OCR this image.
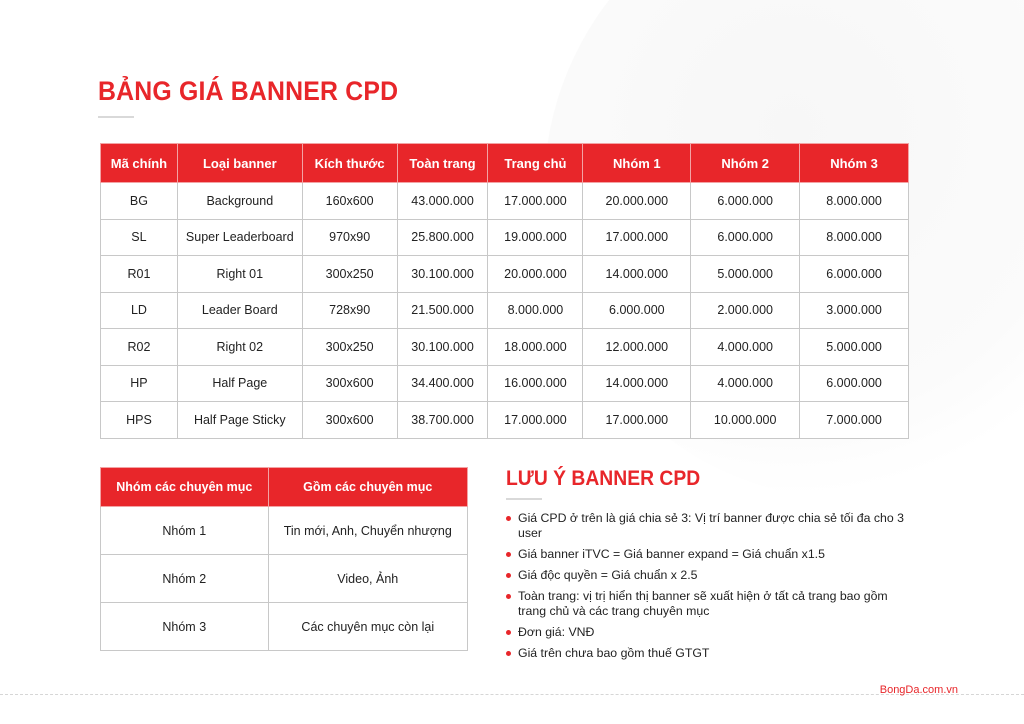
BẢNG GIÁ BANNER CPD
Mã chính	Loại banner	Kích thước	Toàn trang	Trang chủ	Nhóm 1	Nhóm 2	Nhóm 3
BG	Background	160x600	43.000.000	17.000.000	20.000.000	6.000.000	8.000.000
SL	Super Leaderboard	970x90	25.800.000	19.000.000	17.000.000	6.000.000	8.000.000
R01	Right 01	300x250	30.100.000	20.000.000	14.000.000	5.000.000	6.000.000
LD	Leader Board	728x90	21.500.000	8.000.000	6.000.000	2.000.000	3.000.000
R02	Right 02	300x250	30.100.000	18.000.000	12.000.000	4.000.000	5.000.000
HP	Half Page	300x600	34.400.000	16.000.000	14.000.000	4.000.000	6.000.000
HPS	Half Page Sticky	300x600	38.700.000	17.000.000	17.000.000	10.000.000	7.000.000
Nhóm các chuyên mục	Gồm các chuyên mục
Nhóm 1	Tin mới, Anh, Chuyển nhượng
Nhóm 2	Video, Ảnh
Nhóm 3	Các chuyên mục còn lại
LƯU Ý BANNER CPD
Giá CPD ở trên là giá chia sẻ 3: Vị trí banner được chia sẻ tối đa cho 3 user
Giá banner iTVC = Giá banner expand = Giá chuẩn x1.5
Giá độc quyền = Giá chuẩn x 2.5
Toàn trang: vị trị hiển thị banner sẽ xuất hiện ở tất cả trang bao gồm trang chủ và các trang chuyên mục
Đơn giá: VNĐ
Giá trên chưa bao gồm thuế GTGT
BongDa.com.vn
